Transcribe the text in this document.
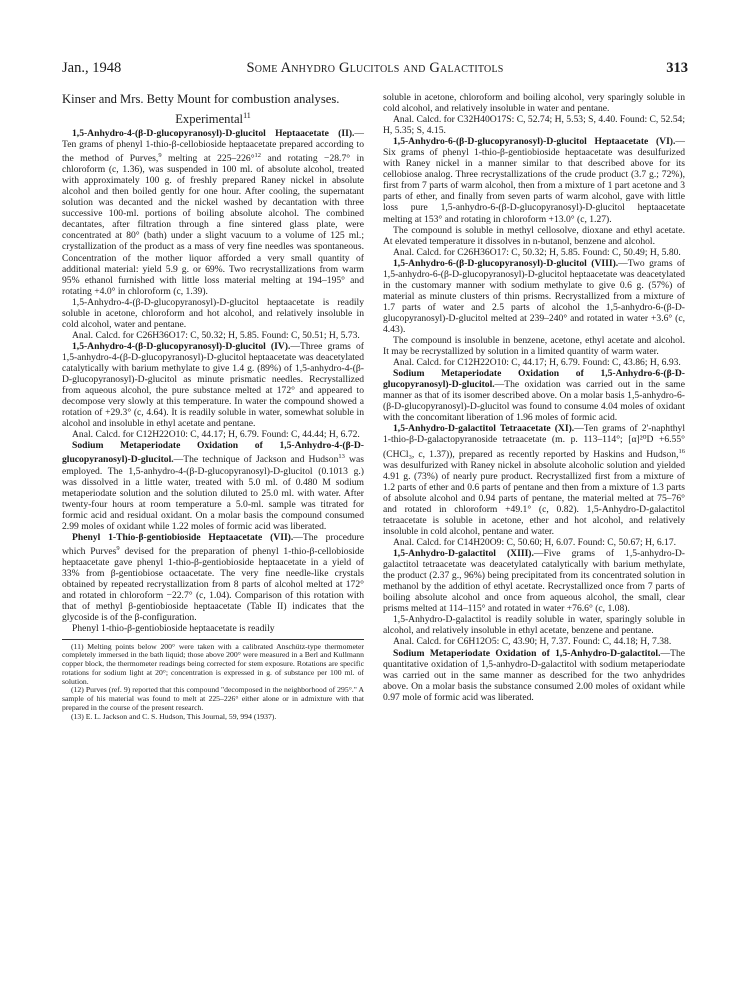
Jan., 1948	Some Anhydro Glucitols and Galactitols	313

Kinser and Mrs. Betty Mount for combustion analyses.

Experimental$^{11}$

1,5-Anhydro-4-(β-D-glucopyranosyl)-D-glucitol Heptaacetate (II).—Ten grams of phenyl 1-thio-β-cellobioside heptaacetate prepared according to the method of Purves,$^9$ melting at 225–226°$^{12}$ and rotating −28.7° in chloroform (c, 1.36), was suspended in 100 ml. of absolute alcohol, treated with approximately 100 g. of freshly prepared Raney nickel in absolute alcohol and then boiled gently for one hour. After cooling, the supernatant solution was decanted and the nickel washed by decantation with three successive 100-ml. portions of boiling absolute alcohol. The combined decantates, after filtration through a fine sintered glass plate, were concentrated at 80° (bath) under a slight vacuum to a volume of 125 ml.; crystallization of the product as a mass of very fine needles was spontaneous. Concentration of the mother liquor afforded a very small quantity of additional material: yield 5.9 g. or 69%. Two recrystallizations from warm 95% ethanol furnished with little loss material melting at 194–195° and rotating +4.0° in chloroform (c, 1.39).

1,5-Anhydro-4-(β-D-glucopyranosyl)-D-glucitol heptaacetate is readily soluble in acetone, chloroform and hot alcohol, and relatively insoluble in cold alcohol, water and pentane.

Anal. Calcd. for C26H36O17: C, 50.32; H, 5.85. Found: C, 50.51; H, 5.73.

1,5-Anhydro-4-(β-D-glucopyranosyl)-D-glucitol (IV).—Three grams of 1,5-anhydro-4-(β-D-glucopyranosyl)-D-glucitol heptaacetate was deacetylated catalytically with barium methylate to give 1.4 g. (89%) of 1,5-anhydro-4-(β-D-glucopyranosyl)-D-glucitol as minute prismatic needles. Recrystallized from aqueous alcohol, the pure substance melted at 172° and appeared to decompose very slowly at this temperature. In water the compound showed a rotation of +29.3° (c, 4.64). It is readily soluble in water, somewhat soluble in alcohol and insoluble in ethyl acetate and pentane.

Anal. Calcd. for C12H22O10: C, 44.17; H, 6.79. Found: C, 44.44; H, 6.72.

Sodium Metaperiodate Oxidation of 1,5-Anhydro-4-(β-D-glucopyranosyl)-D-glucitol.—The technique of Jackson and Hudson$^{13}$ was employed. The 1,5-anhydro-4-(β-D-glucopyranosyl)-D-glucitol (0.1013 g.) was dissolved in a little water, treated with 5.0 ml. of 0.480 M sodium metaperiodate solution and the solution diluted to 25.0 ml. with water. After twenty-four hours at room temperature a 5.0-ml. sample was titrated for formic acid and residual oxidant. On a molar basis the compound consumed 2.99 moles of oxidant while 1.22 moles of formic acid was liberated.

Phenyl 1-Thio-β-gentiobioside Heptaacetate (VII).—The procedure which Purves$^9$ devised for the preparation of phenyl 1-thio-β-cellobioside heptaacetate gave phenyl 1-thio-β-gentiobioside heptaacetate in a yield of 33% from β-gentiobiose octaacetate. The very fine needle-like crystals obtained by repeated recrystallization from 8 parts of alcohol melted at 172° and rotated in chloroform −22.7° (c, 1.04). Comparison of this rotation with that of methyl β-gentiobioside heptaacetate (Table II) indicates that the glycoside is of the β-configuration.

Phenyl 1-thio-β-gentiobioside heptaacetate is readily

(11) Melting points below 200° were taken with a calibrated Anschütz-type thermometer completely immersed in the bath liquid; those above 200° were measured in a Berl and Kullmann copper block, the thermometer readings being corrected for stem exposure. Rotations are specific rotations for sodium light at 20°; concentration is expressed in g. of substance per 100 ml. of solution.

(12) Purves (ref. 9) reported that this compound "decomposed in the neighborhood of 295°." A sample of his material was found to melt at 225–226° either alone or in admixture with that prepared in the course of the present research.

(13) E. L. Jackson and C. S. Hudson, This Journal, 59, 994 (1937).

soluble in acetone, chloroform and boiling alcohol, very sparingly soluble in cold alcohol, and relatively insoluble in water and pentane.

Anal. Calcd. for C32H40O17S: C, 52.74; H, 5.53; S, 4.40. Found: C, 52.54; H, 5.35; S, 4.15.

1,5-Anhydro-6-(β-D-glucopyranosyl)-D-glucitol Heptaacetate (VI).—Six grams of phenyl 1-thio-β-gentiobioside heptaacetate was desulfurized with Raney nickel in a manner similar to that described above for its cellobiose analog. Three recrystallizations of the crude product (3.7 g.; 72%), first from 7 parts of warm alcohol, then from a mixture of 1 part acetone and 3 parts of ether, and finally from seven parts of warm alcohol, gave with little loss pure 1,5-anhydro-6-(β-D-glucopyranosyl)-D-glucitol heptaacetate melting at 153° and rotating in chloroform +13.0° (c, 1.27).

The compound is soluble in methyl cellosolve, dioxane and ethyl acetate. At elevated temperature it dissolves in n-butanol, benzene and alcohol.

Anal. Calcd. for C26H36O17: C, 50.32; H, 5.85. Found: C, 50.49; H, 5.80.

1,5-Anhydro-6-(β-D-glucopyranosyl)-D-glucitol (VIII).—Two grams of 1,5-anhydro-6-(β-D-glucopyranosyl)-D-glucitol heptaacetate was deacetylated in the customary manner with sodium methylate to give 0.6 g. (57%) of material as minute clusters of thin prisms. Recrystallized from a mixture of 1.7 parts of water and 2.5 parts of alcohol the 1,5-anhydro-6-(β-D-glucopyranosyl)-D-glucitol melted at 239–240° and rotated in water +3.6° (c, 4.43).

The compound is insoluble in benzene, acetone, ethyl acetate and alcohol. It may be recrystallized by solution in a limited quantity of warm water.

Anal. Calcd. for C12H22O10: C, 44.17; H, 6.79. Found: C, 43.86; H, 6.93.

Sodium Metaperiodate Oxidation of 1,5-Anhydro-6-(β-D-glucopyranosyl)-D-glucitol.—The oxidation was carried out in the same manner as that of its isomer described above. On a molar basis 1,5-anhydro-6-(β-D-glucopyranosyl)-D-glucitol was found to consume 4.04 moles of oxidant with the concomitant liberation of 1.96 moles of formic acid.

1,5-Anhydro-D-galactitol Tetraacetate (XI).—Ten grams of 2'-naphthyl 1-thio-β-D-galactopyranoside tetraacetate (m. p. 113–114°; [α]²⁰D +6.55° (CHCl₃, c, 1.37)), prepared as recently reported by Haskins and Hudson,$^{16}$ was desulfurized with Raney nickel in absolute alcoholic solution and yielded 4.91 g. (73%) of nearly pure product. Recrystallized first from a mixture of 1.2 parts of ether and 0.6 parts of pentane and then from a mixture of 1.3 parts of absolute alcohol and 0.94 parts of pentane, the material melted at 75–76° and rotated in chloroform +49.1° (c, 0.82). 1,5-Anhydro-D-galactitol tetraacetate is soluble in acetone, ether and hot alcohol, and relatively insoluble in cold alcohol, pentane and water.

Anal. Calcd. for C14H20O9: C, 50.60; H, 6.07. Found: C, 50.67; H, 6.17.

1,5-Anhydro-D-galactitol (XIII).—Five grams of 1,5-anhydro-D-galactitol tetraacetate was deacetylated catalytically with barium methylate, the product (2.37 g., 96%) being precipitated from its concentrated solution in methanol by the addition of ethyl acetate. Recrystallized once from 7 parts of boiling absolute alcohol and once from aqueous alcohol, the small, clear prisms melted at 114–115° and rotated in water +76.6° (c, 1.08).

1,5-Anhydro-D-galactitol is readily soluble in water, sparingly soluble in alcohol, and relatively insoluble in ethyl acetate, benzene and pentane.

Anal. Calcd. for C6H12O5: C, 43.90; H, 7.37. Found: C, 44.18; H, 7.38.

Sodium Metaperiodate Oxidation of 1,5-Anhydro-D-galactitol.—The quantitative oxidation of 1,5-anhydro-D-galactitol with sodium metaperiodate was carried out in the same manner as described for the two anhydrides above. On a molar basis the substance consumed 2.00 moles of oxidant while 0.97 mole of formic acid was liberated.
